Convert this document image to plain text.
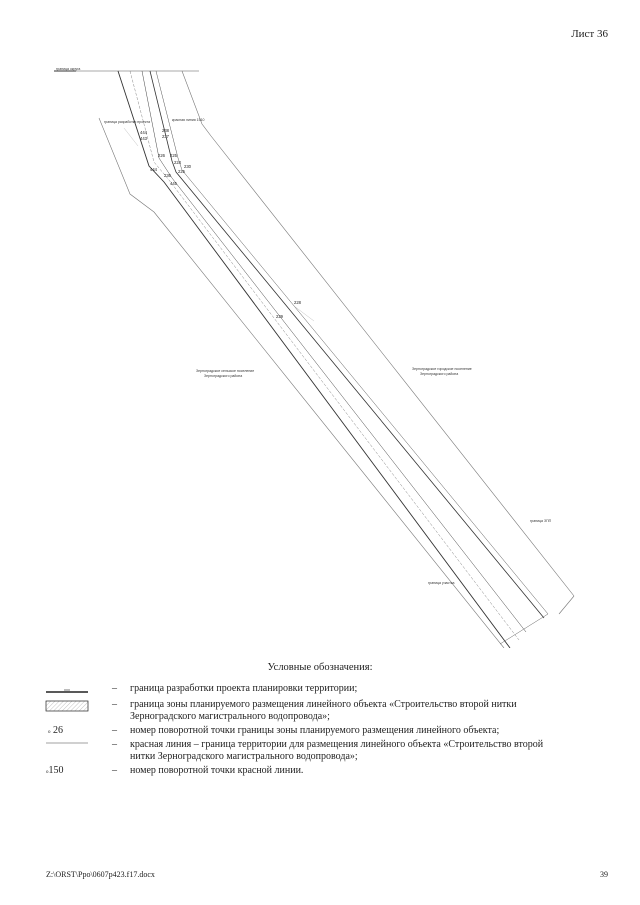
Лист 36
граница округа
граница разработки проекта	красная линия 1510
Зерноградское сельское поселение
Зерноградского района
Зерноградское городское поселение
Зерноградского района
граница участка
граница ЗПП
444
443
238
237
226 225
224
230
225
236
445
444
228
229
Условные обозначения:
– граница разработки проекта планировки территории;
– граница зоны планируемого размещения линейного объекта «Строительство второй нитки
Зерноградского магистрального водопровода»;
o 26	– номер поворотной точки границы зоны планируемого размещения линейного объекта;
– красная линия – граница территории для размещения линейного объекта «Строительство второй
нитки Зерноградского магистрального водопровода»;
o150	– номер поворотной точки красной линии.
Z:\ORST\Ppo\0607p423.f17.docx	39
